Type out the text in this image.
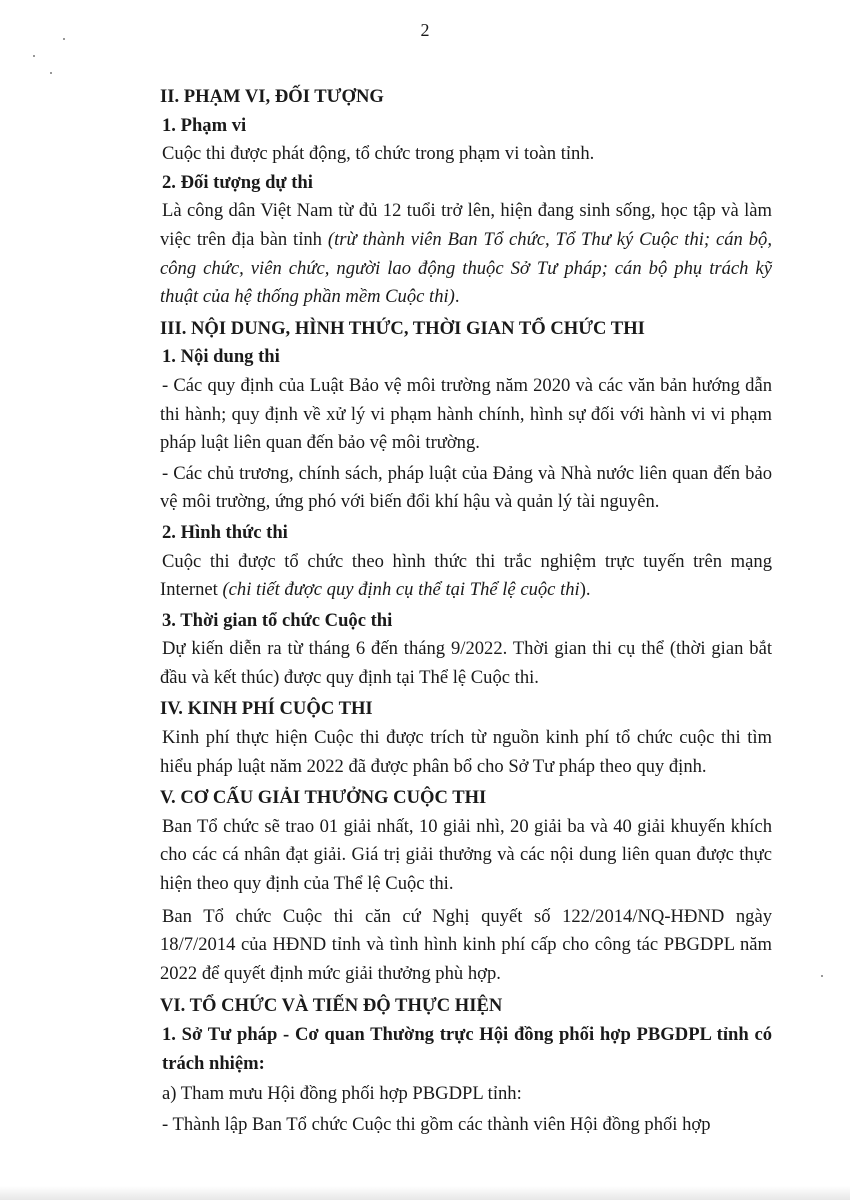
2

II. PHẠM VI, ĐỐI TƯỢNG

1. Phạm vi

Cuộc thi được phát động, tổ chức trong phạm vi toàn tỉnh.

2. Đối tượng dự thi

Là công dân Việt Nam từ đủ 12 tuổi trở lên, hiện đang sinh sống, học tập và làm việc trên địa bàn tỉnh (trừ thành viên Ban Tổ chức, Tổ Thư ký Cuộc thi; cán bộ, công chức, viên chức, người lao động thuộc Sở Tư pháp; cán bộ phụ trách kỹ thuật của hệ thống phần mềm Cuộc thi).

III. NỘI DUNG, HÌNH THỨC, THỜI GIAN TỔ CHỨC THI

1. Nội dung thi

- Các quy định của Luật Bảo vệ môi trường năm 2020 và các văn bản hướng dẫn thi hành; quy định về xử lý vi phạm hành chính, hình sự đối với hành vi vi phạm pháp luật liên quan đến bảo vệ môi trường.

- Các chủ trương, chính sách, pháp luật của Đảng và Nhà nước liên quan đến bảo vệ môi trường, ứng phó với biến đổi khí hậu và quản lý tài nguyên.

2. Hình thức thi

Cuộc thi được tổ chức theo hình thức thi trắc nghiệm trực tuyến trên mạng Internet (chi tiết được quy định cụ thể tại Thể lệ cuộc thi).

3. Thời gian tổ chức Cuộc thi

Dự kiến diễn ra từ tháng 6 đến tháng 9/2022. Thời gian thi cụ thể (thời gian bắt đầu và kết thúc) được quy định tại Thể lệ Cuộc thi.

IV. KINH PHÍ CUỘC THI

Kinh phí thực hiện Cuộc thi được trích từ nguồn kinh phí tổ chức cuộc thi tìm hiểu pháp luật năm 2022 đã được phân bổ cho Sở Tư pháp theo quy định.

V. CƠ CẤU GIẢI THƯỞNG CUỘC THI

Ban Tổ chức sẽ trao 01 giải nhất, 10 giải nhì, 20 giải ba và 40 giải khuyến khích cho các cá nhân đạt giải. Giá trị giải thưởng và các nội dung liên quan được thực hiện theo quy định của Thể lệ Cuộc thi.

Ban Tổ chức Cuộc thi căn cứ Nghị quyết số 122/2014/NQ-HĐND ngày 18/7/2014 của HĐND tỉnh và tình hình kinh phí cấp cho công tác PBGDPL năm 2022 để quyết định mức giải thưởng phù hợp.

VI. TỔ CHỨC VÀ TIẾN ĐỘ THỰC HIỆN

1. Sở Tư pháp - Cơ quan Thường trực Hội đồng phối hợp PBGDPL tỉnh có trách nhiệm:

a) Tham mưu Hội đồng phối hợp PBGDPL tỉnh:

- Thành lập Ban Tổ chức Cuộc thi gồm các thành viên Hội đồng phối hợp
